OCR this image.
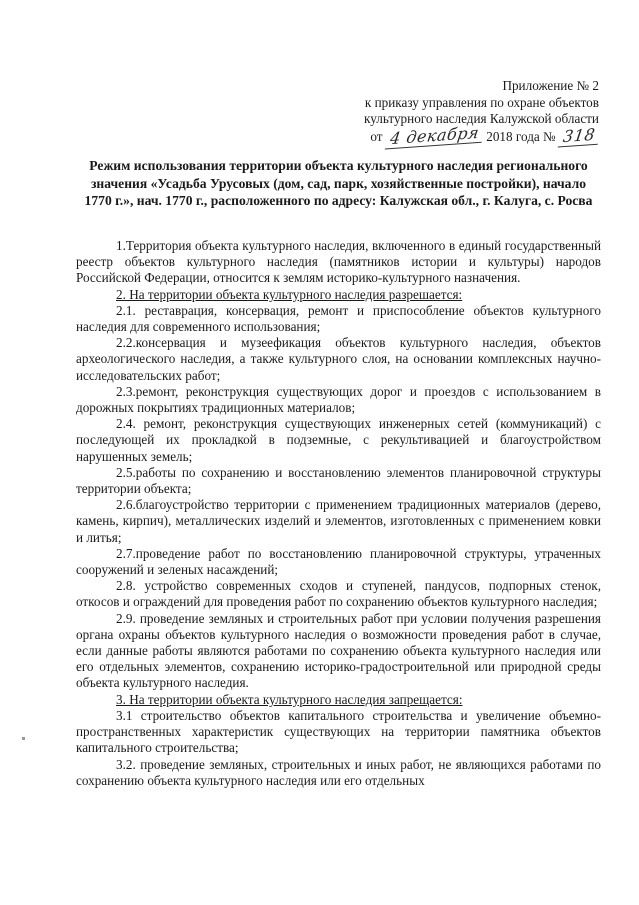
Приложение № 2
к приказу управления по охране объектов
культурного наследия Калужской области
от 4 декабря 2018 года № 318
Режим использования территории объекта культурного наследия регионального значения «Усадьба Урусовых (дом, сад, парк, хозяйственные постройки), начало 1770 г.», нач. 1770 г., расположенного по адресу: Калужская обл., г. Калуга, с. Росва

1.Территория объекта культурного наследия, включенного в единый государственный реестр объектов культурного наследия (памятников истории и культуры) народов Российской Федерации, относится к землям историко-культурного назначения.

2. На территории объекта культурного наследия разрешается:

2.1. реставрация, консервация, ремонт и приспособление объектов культурного наследия для современного использования;

2.2.консервация и музеефикация объектов культурного наследия, объектов археологического наследия, а также культурного слоя, на основании комплексных научно-исследовательских работ;

2.3.ремонт, реконструкция существующих дорог и проездов с использованием в дорожных покрытиях традиционных материалов;

2.4. ремонт, реконструкция существующих инженерных сетей (коммуникаций) с последующей их прокладкой в подземные, с рекультивацией и благоустройством нарушенных земель;

2.5.работы по сохранению и восстановлению элементов планировочной структуры территории объекта;

2.6.благоустройство территории с применением традиционных материалов (дерево, камень, кирпич), металлических изделий и элементов, изготовленных с применением ковки и литья;

2.7.проведение работ по восстановлению планировочной структуры, утраченных сооружений и зеленых насаждений;

2.8. устройство современных сходов и ступеней, пандусов, подпорных стенок, откосов и ограждений для проведения работ по сохранению объектов культурного наследия;

2.9. проведение земляных и строительных работ при условии получения разрешения органа охраны объектов культурного наследия о возможности проведения работ в случае, если данные работы являются работами по сохранению объекта культурного наследия или его отдельных элементов, сохранению историко-градостроительной или природной среды объекта культурного наследия.

3. На территории объекта культурного наследия запрещается:

3.1 строительство объектов капитального строительства и увеличение объемно-пространственных характеристик существующих на территории памятника объектов капитального строительства;

3.2. проведение земляных, строительных и иных работ, не являющихся работами по сохранению объекта культурного наследия или его отдельных
